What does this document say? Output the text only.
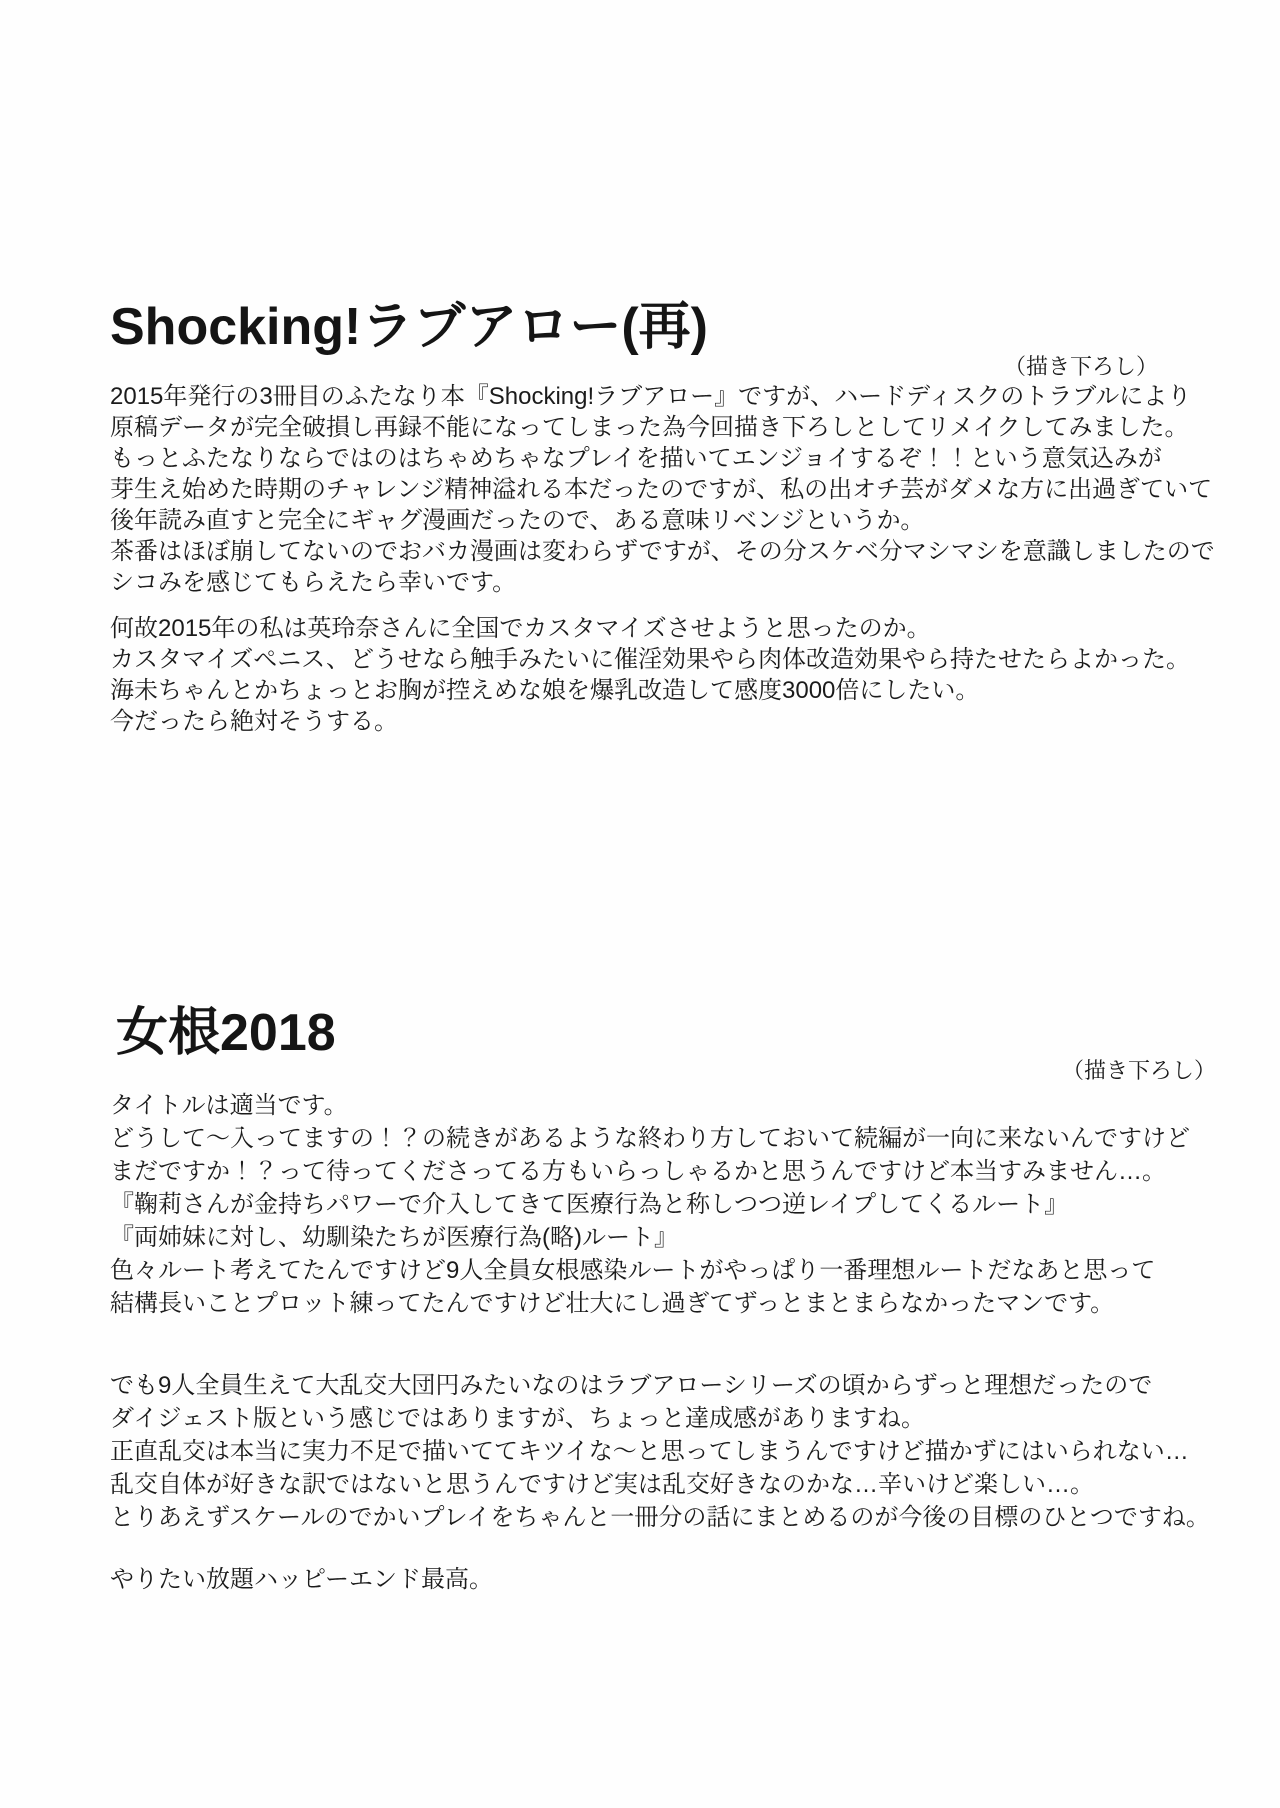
Shocking!ラブアロー(再)
（描き下ろし）
2015年発行の3冊目のふたなり本『Shocking!ラブアロー』ですが、ハードディスクのトラブルにより
原稿データが完全破損し再録不能になってしまった為今回描き下ろしとしてリメイクしてみました。
もっとふたなりならではのはちゃめちゃなプレイを描いてエンジョイするぞ！！という意気込みが
芽生え始めた時期のチャレンジ精神溢れる本だったのですが、私の出オチ芸がダメな方に出過ぎていて
後年読み直すと完全にギャグ漫画だったので、ある意味リベンジというか。
茶番はほぼ崩してないのでおバカ漫画は変わらずですが、その分スケベ分マシマシを意識しましたので
シコみを感じてもらえたら幸いです。
何故2015年の私は英玲奈さんに全国でカスタマイズさせようと思ったのか。
カスタマイズペニス、どうせなら触手みたいに催淫効果やら肉体改造効果やら持たせたらよかった。
海未ちゃんとかちょっとお胸が控えめな娘を爆乳改造して感度3000倍にしたい。
今だったら絶対そうする。
女根2018
（描き下ろし）
タイトルは適当です。
どうして〜入ってますの！？の続きがあるような終わり方しておいて続編が一向に来ないんですけど
まだですか！？って待ってくださってる方もいらっしゃるかと思うんですけど本当すみません…。
『鞠莉さんが金持ちパワーで介入してきて医療行為と称しつつ逆レイプしてくるルート』
『両姉妹に対し、幼馴染たちが医療行為(略)ルート』
色々ルート考えてたんですけど9人全員女根感染ルートがやっぱり一番理想ルートだなあと思って
結構長いことプロット練ってたんですけど壮大にし過ぎてずっとまとまらなかったマンです。
でも9人全員生えて大乱交大団円みたいなのはラブアローシリーズの頃からずっと理想だったので
ダイジェスト版という感じではありますが、ちょっと達成感がありますね。
正直乱交は本当に実力不足で描いててキツイな〜と思ってしまうんですけど描かずにはいられない…
乱交自体が好きな訳ではないと思うんですけど実は乱交好きなのかな…辛いけど楽しい…。
とりあえずスケールのでかいプレイをちゃんと一冊分の話にまとめるのが今後の目標のひとつですね。
やりたい放題ハッピーエンド最高。
